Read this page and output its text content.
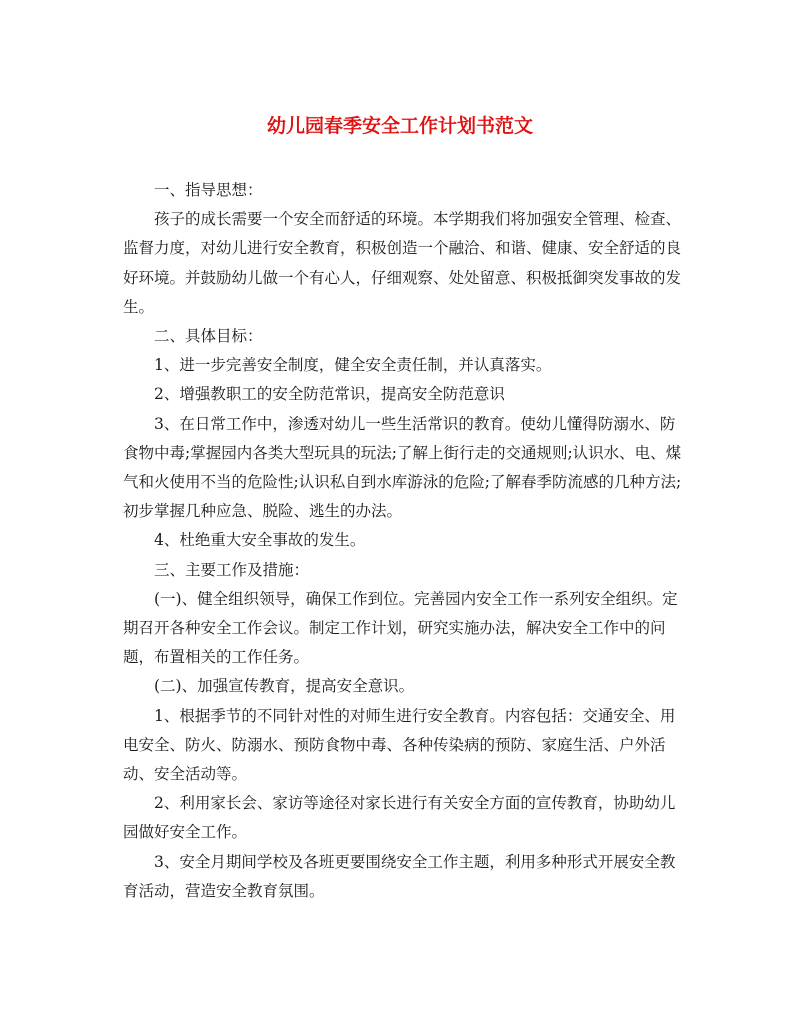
幼儿园春季安全工作计划书范文

一、指导思想：

孩子的成长需要一个安全而舒适的环境。本学期我们将加强安全管理、检查、监督力度，对幼儿进行安全教育，积极创造一个融洽、和谐、健康、安全舒适的良好环境。并鼓励幼儿做一个有心人，仔细观察、处处留意、积极抵御突发事故的发生。

二、具体目标：

1、进一步完善安全制度，健全安全责任制，并认真落实。

2、增强教职工的安全防范常识，提高安全防范意识

3、在日常工作中，渗透对幼儿一些生活常识的教育。使幼儿懂得防溺水、防食物中毒;掌握园内各类大型玩具的玩法;了解上街行走的交通规则;认识水、电、煤气和火使用不当的危险性;认识私自到水库游泳的危险;了解春季防流感的几种方法;初步掌握几种应急、脱险、逃生的办法。

4、杜绝重大安全事故的发生。

三、主要工作及措施：

(一)、健全组织领导，确保工作到位。完善园内安全工作一系列安全组织。定期召开各种安全工作会议。制定工作计划，研究实施办法，解决安全工作中的问题，布置相关的工作任务。

(二)、加强宣传教育，提高安全意识。

1、根据季节的不同针对性的对师生进行安全教育。内容包括：交通安全、用电安全、防火、防溺水、预防食物中毒、各种传染病的预防、家庭生活、户外活动、安全活动等。

2、利用家长会、家访等途径对家长进行有关安全方面的宣传教育，协助幼儿园做好安全工作。

3、安全月期间学校及各班更要围绕安全工作主题，利用多种形式开展安全教育活动，营造安全教育氛围。
